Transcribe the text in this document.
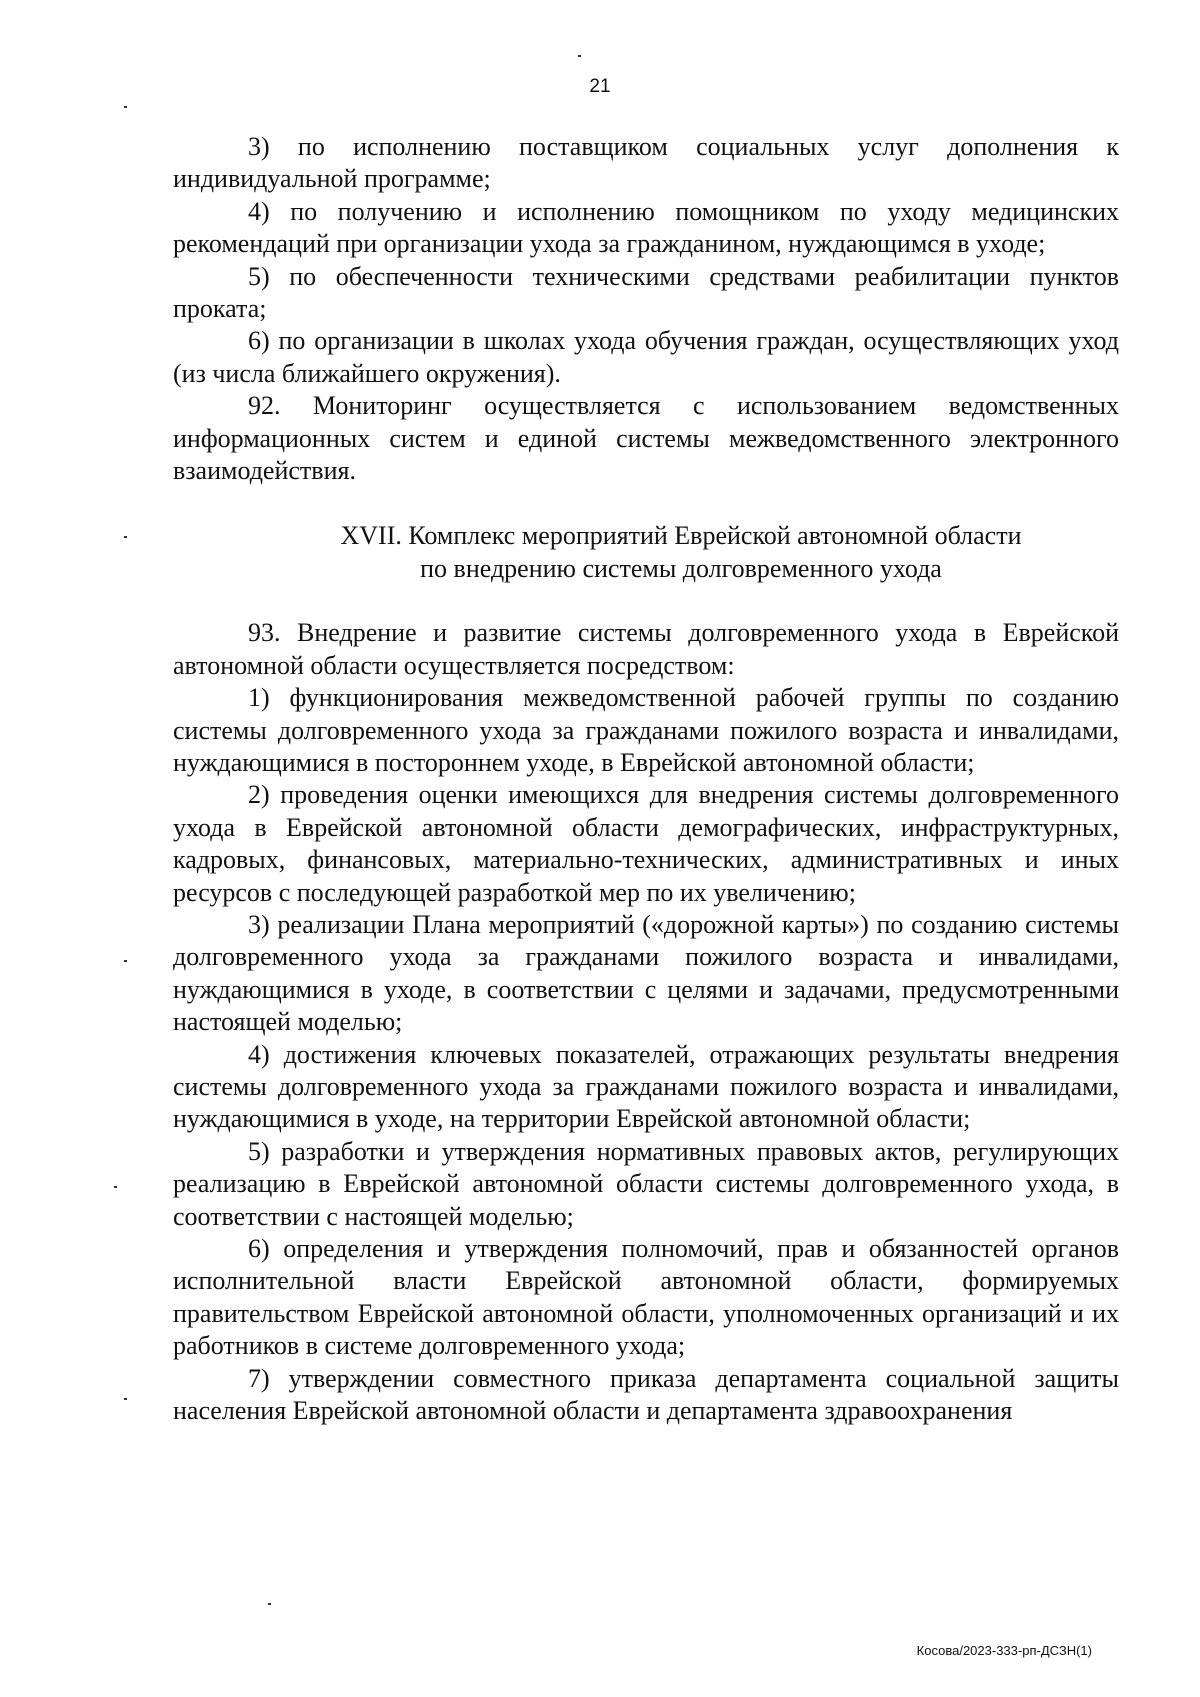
21

3) по исполнению поставщиком социальных услуг дополнения к индивидуальной программе;

4) по получению и исполнению помощником по уходу медицинских рекомендаций при организации ухода за гражданином, нуждающимся в уходе;

5) по обеспеченности техническими средствами реабилитации пунктов проката;

6) по организации в школах ухода обучения граждан, осуществляющих уход (из числа ближайшего окружения).

92. Мониторинг осуществляется с использованием ведомственных информационных систем и единой системы межведомственного электронного взаимодействия.

XVII. Комплекс мероприятий Еврейской автономной области
по внедрению системы долговременного ухода

93. Внедрение и развитие системы долговременного ухода в Еврейской автономной области осуществляется посредством:

1) функционирования межведомственной рабочей группы по созданию системы долговременного ухода за гражданами пожилого возраста и инвалидами, нуждающимися в постороннем уходе, в Еврейской автономной области;

2) проведения оценки имеющихся для внедрения системы долговременного ухода в Еврейской автономной области демографических, инфраструктурных, кадровых, финансовых, материально-технических, административных и иных ресурсов с последующей разработкой мер по их увеличению;

3) реализации Плана мероприятий («дорожной карты») по созданию системы долговременного ухода за гражданами пожилого возраста и инвалидами, нуждающимися в уходе, в соответствии с целями и задачами, предусмотренными настоящей моделью;

4) достижения ключевых показателей, отражающих результаты внедрения системы долговременного ухода за гражданами пожилого возраста и инвалидами, нуждающимися в уходе, на территории Еврейской автономной области;

5) разработки и утверждения нормативных правовых актов, регулирующих реализацию в Еврейской автономной области системы долговременного ухода, в соответствии с настоящей моделью;

6) определения и утверждения полномочий, прав и обязанностей органов исполнительной власти Еврейской автономной области, формируемых правительством Еврейской автономной области, уполномоченных организаций и их работников в системе долговременного ухода;

7) утверждении совместного приказа департамента социальной защиты населения Еврейской автономной области и департамента здравоохранения

Косова/2023-333-рп-ДСЗН(1)
